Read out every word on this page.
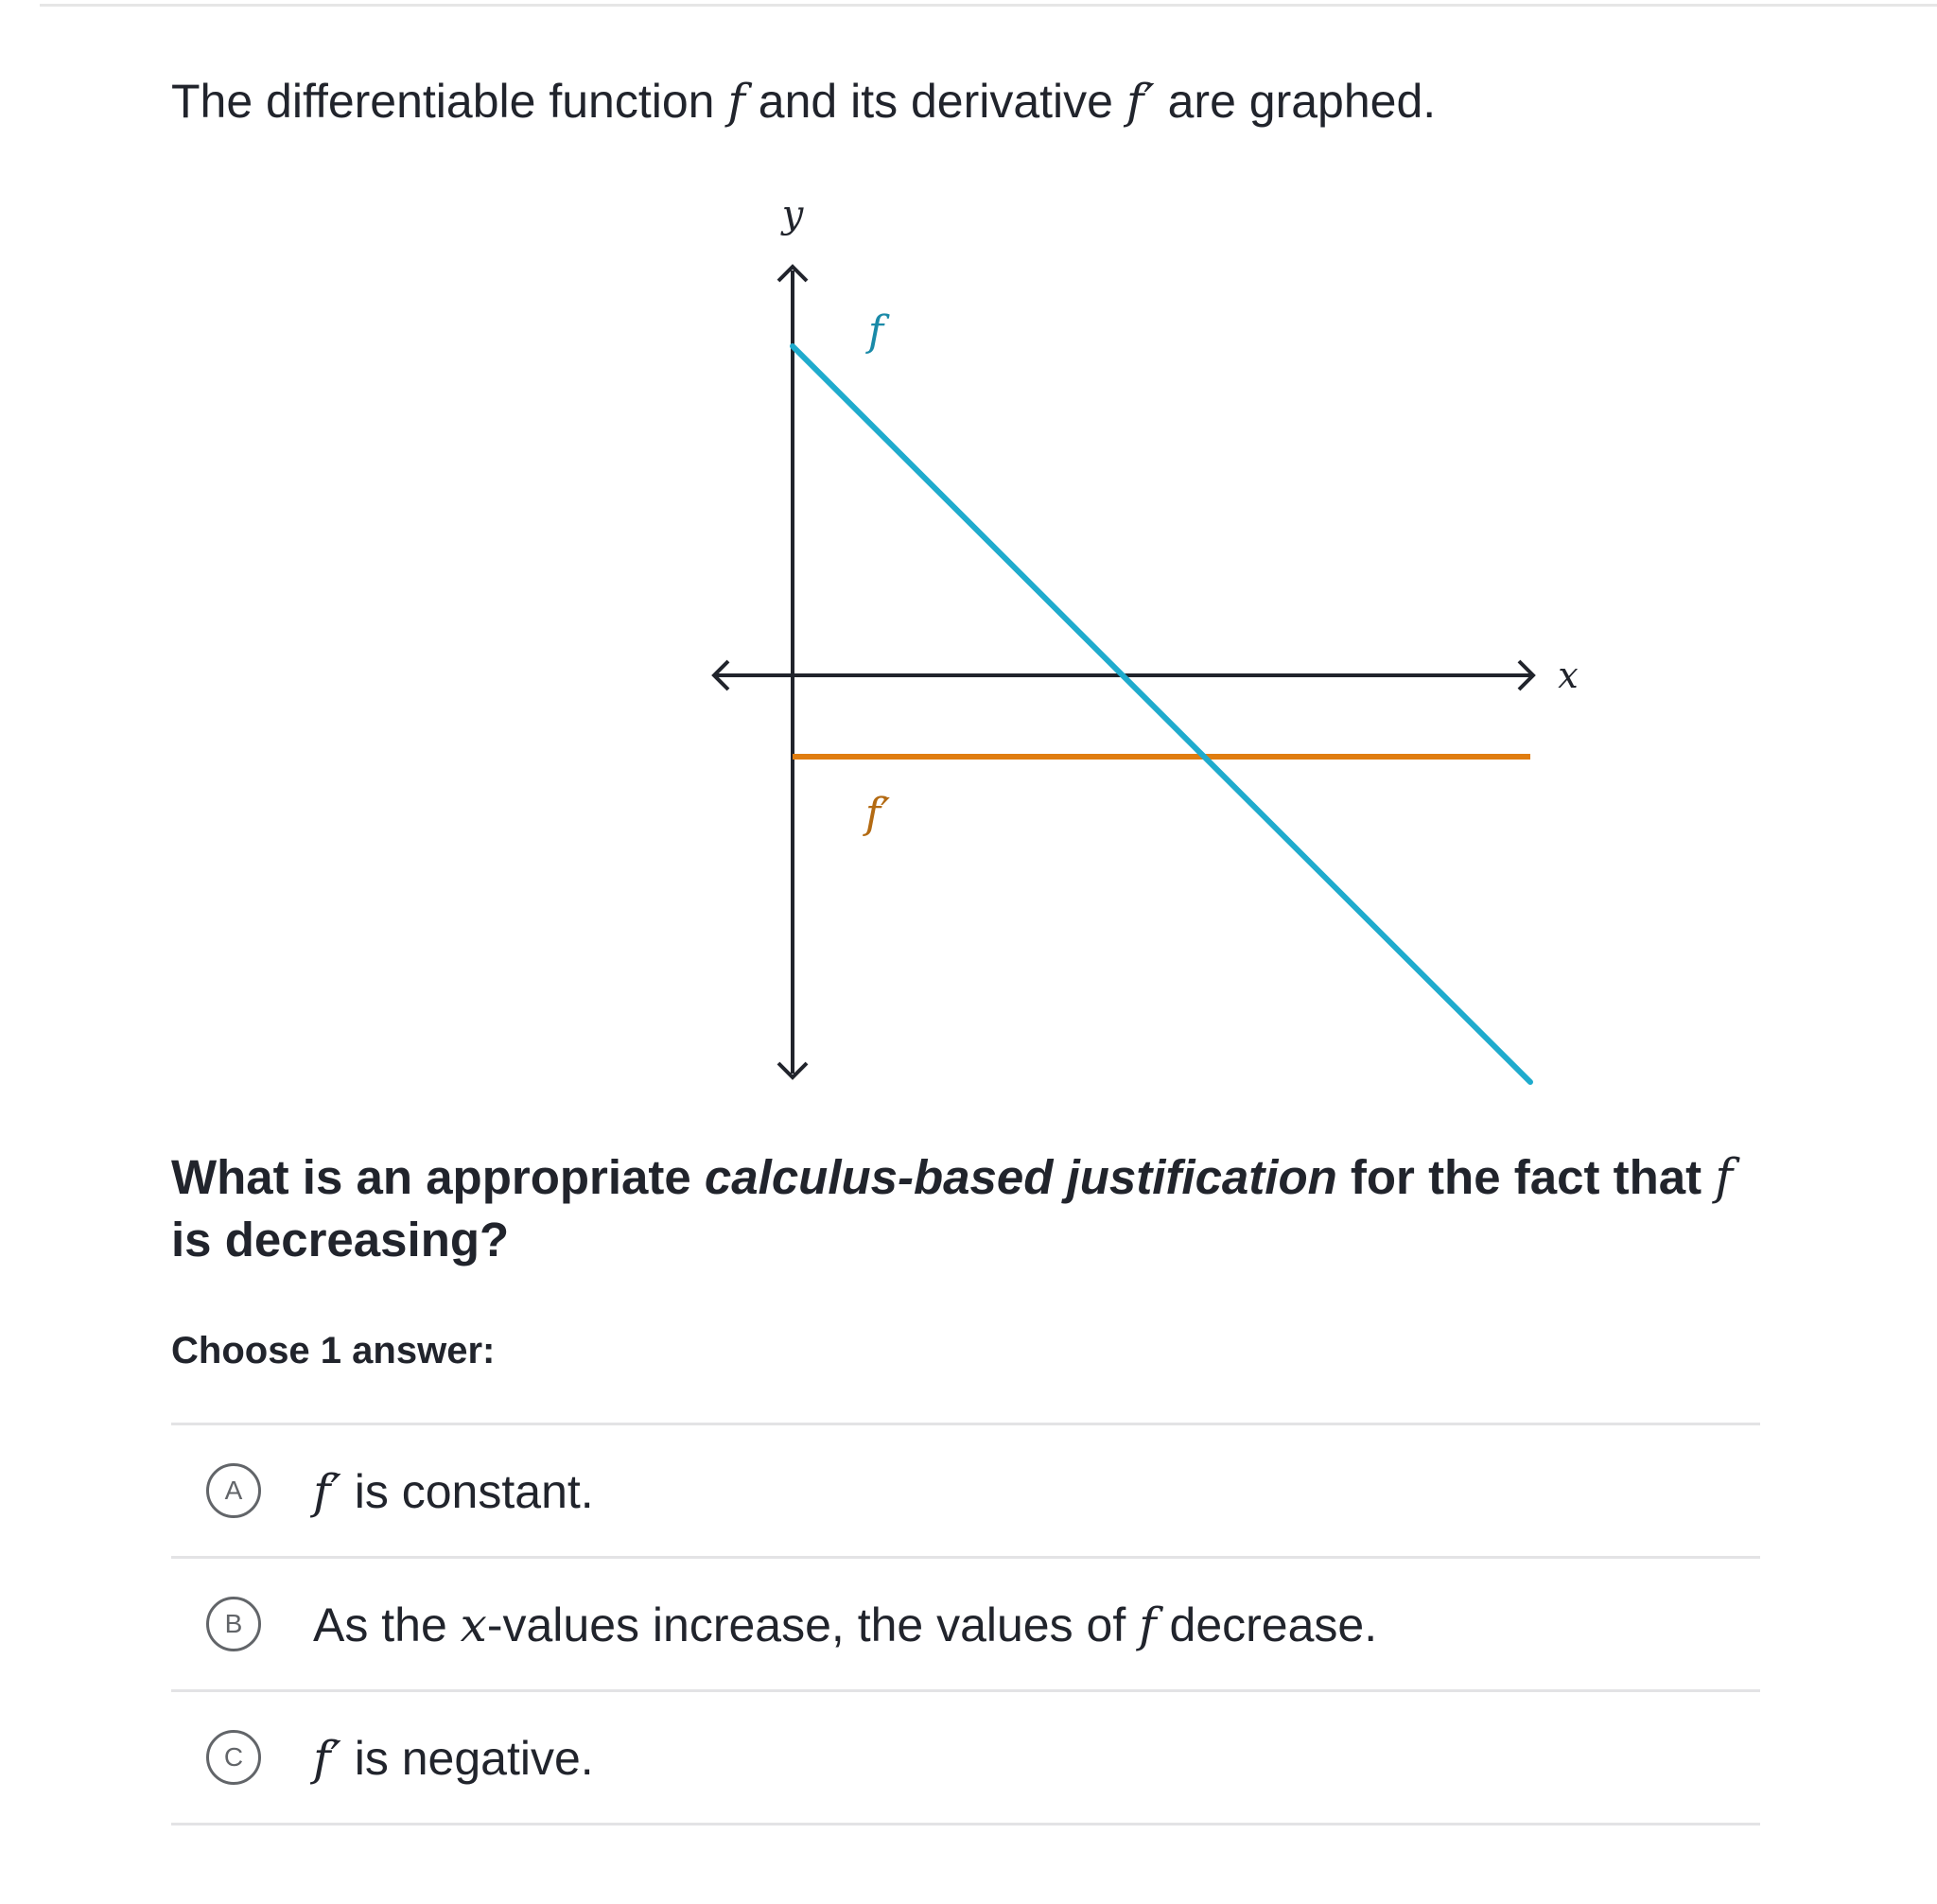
The differentiable function f and its derivative f′ are graphed.
y
x
f
f′
What is an appropriate calculus-based justification for the fact that f is decreasing?
Choose 1 answer:
A	f′ is constant.
B	As the x-values increase, the values of f decrease.
C	f′ is negative.
